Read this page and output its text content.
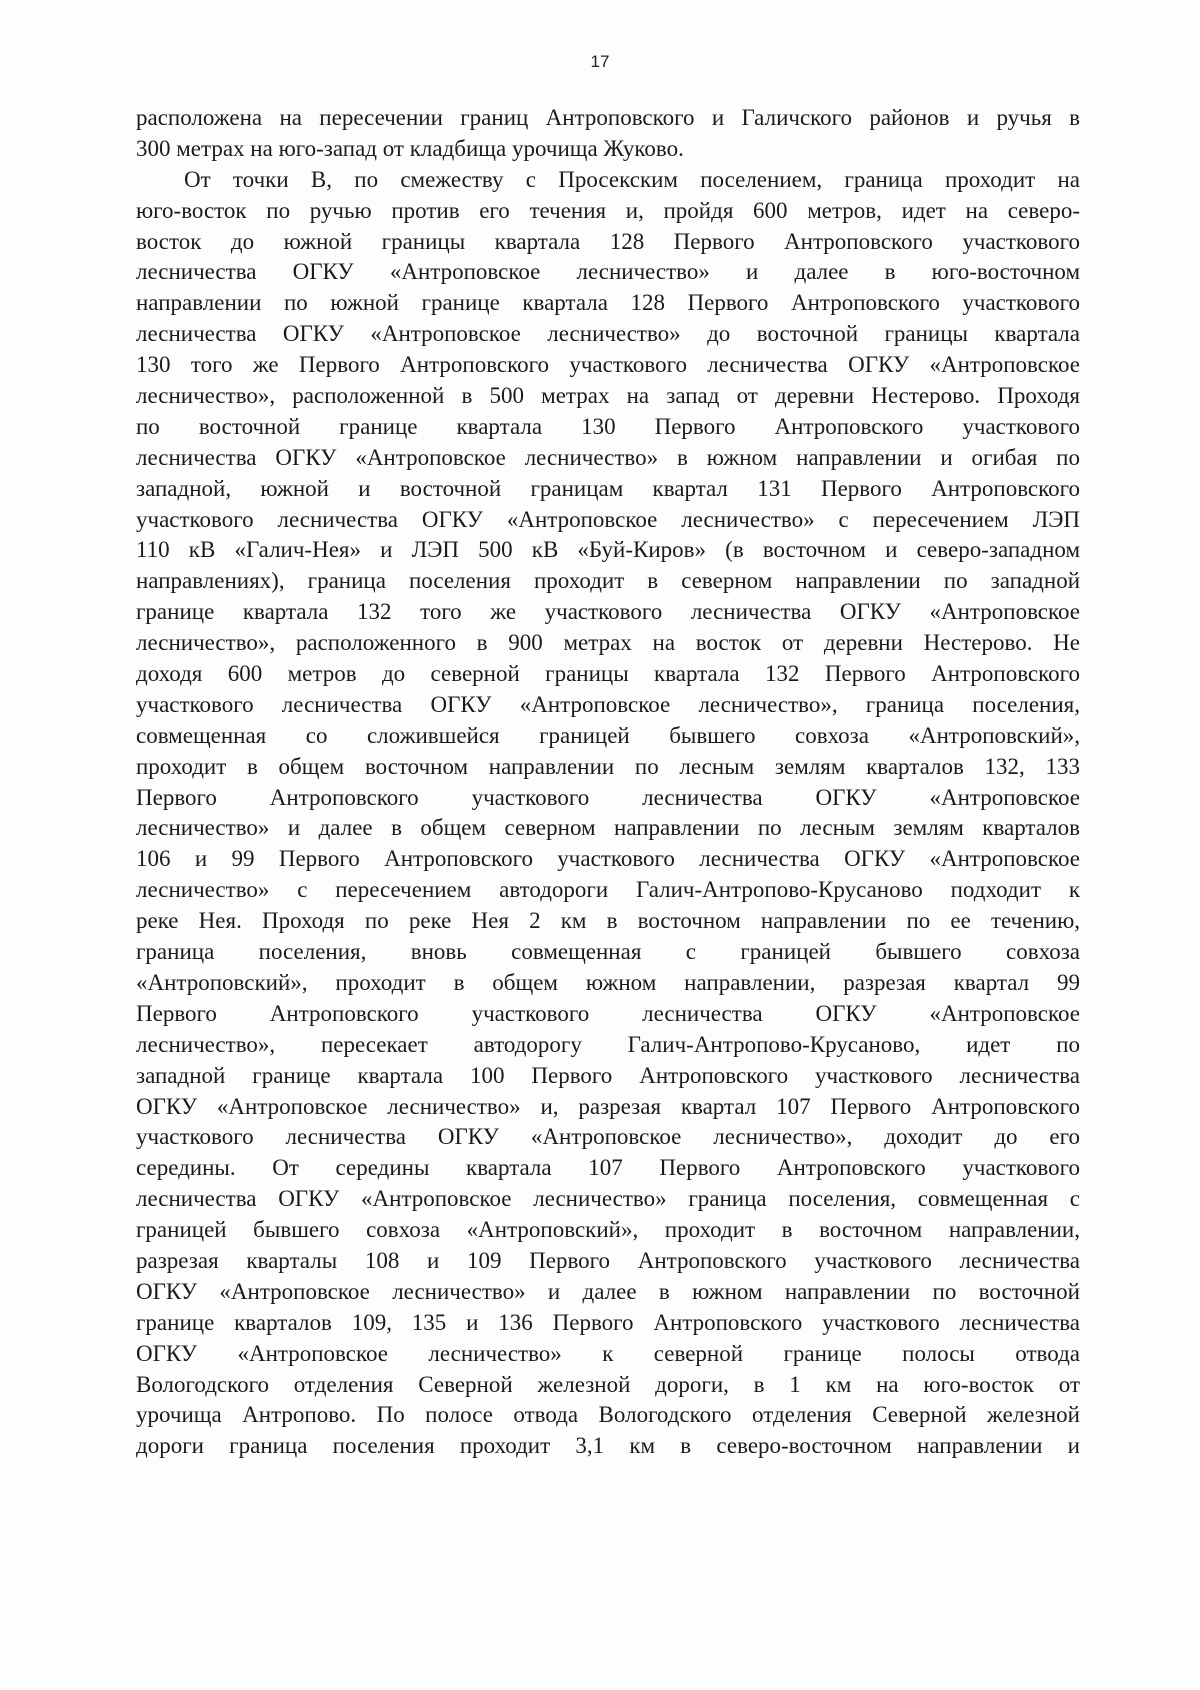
17
расположена на пересечении границ Антроповского и Галичского районов и ручья в
300 метрах на юго-запад от кладбища урочища Жуково.
От точки В, по смежеству с Просекским поселением, граница проходит на
юго-восток по ручью против его течения и, пройдя 600 метров, идет на северо-
восток до южной границы квартала 128 Первого Антроповского участкового
лесничества ОГКУ «Антроповское лесничество» и далее в юго-восточном
направлении по южной границе квартала 128 Первого Антроповского участкового
лесничества ОГКУ «Антроповское лесничество» до восточной границы квартала
130 того же Первого Антроповского участкового лесничества ОГКУ «Антроповское
лесничество», расположенной в 500 метрах на запад от деревни Нестерово. Проходя
по восточной границе квартала 130 Первого Антроповского участкового
лесничества ОГКУ «Антроповское лесничество» в южном направлении и огибая по
западной, южной и восточной границам квартал 131 Первого Антроповского
участкового лесничества ОГКУ «Антроповское лесничество» с пересечением ЛЭП
110 кВ «Галич-Нея» и ЛЭП 500 кВ «Буй-Киров» (в восточном и северо-западном
направлениях), граница поселения проходит в северном направлении по западной
границе квартала 132 того же участкового лесничества ОГКУ «Антроповское
лесничество», расположенного в 900 метрах на восток от деревни Нестерово. Не
доходя 600 метров до северной границы квартала 132 Первого Антроповского
участкового лесничества ОГКУ «Антроповское лесничество», граница поселения,
совмещенная со сложившейся границей бывшего совхоза «Антроповский»,
проходит в общем восточном направлении по лесным землям кварталов 132, 133
Первого Антроповского участкового лесничества ОГКУ «Антроповское
лесничество» и далее в общем северном направлении по лесным землям кварталов
106 и 99 Первого Антроповского участкового лесничества ОГКУ «Антроповское
лесничество» с пересечением автодороги Галич-Антропово-Крусаново подходит к
реке Нея. Проходя по реке Нея 2 км в восточном направлении по ее течению,
граница поселения, вновь совмещенная с границей бывшего совхоза
«Антроповский», проходит в общем южном направлении, разрезая квартал 99
Первого Антроповского участкового лесничества ОГКУ «Антроповское
лесничество», пересекает автодорогу Галич-Антропово-Крусаново, идет по
западной границе квартала 100 Первого Антроповского участкового лесничества
ОГКУ «Антроповское лесничество» и, разрезая квартал 107 Первого Антроповского
участкового лесничества ОГКУ «Антроповское лесничество», доходит до его
середины. От середины квартала 107 Первого Антроповского участкового
лесничества ОГКУ «Антроповское лесничество» граница поселения, совмещенная с
границей бывшего совхоза «Антроповский», проходит в восточном направлении,
разрезая кварталы 108 и 109 Первого Антроповского участкового лесничества
ОГКУ «Антроповское лесничество» и далее в южном направлении по восточной
границе кварталов 109, 135 и 136 Первого Антроповского участкового лесничества
ОГКУ «Антроповское лесничество» к северной границе полосы отвода
Вологодского отделения Северной железной дороги, в 1 км на юго-восток от
урочища Антропово. По полосе отвода Вологодского отделения Северной железной
дороги граница поселения проходит 3,1 км в северо-восточном направлении и
